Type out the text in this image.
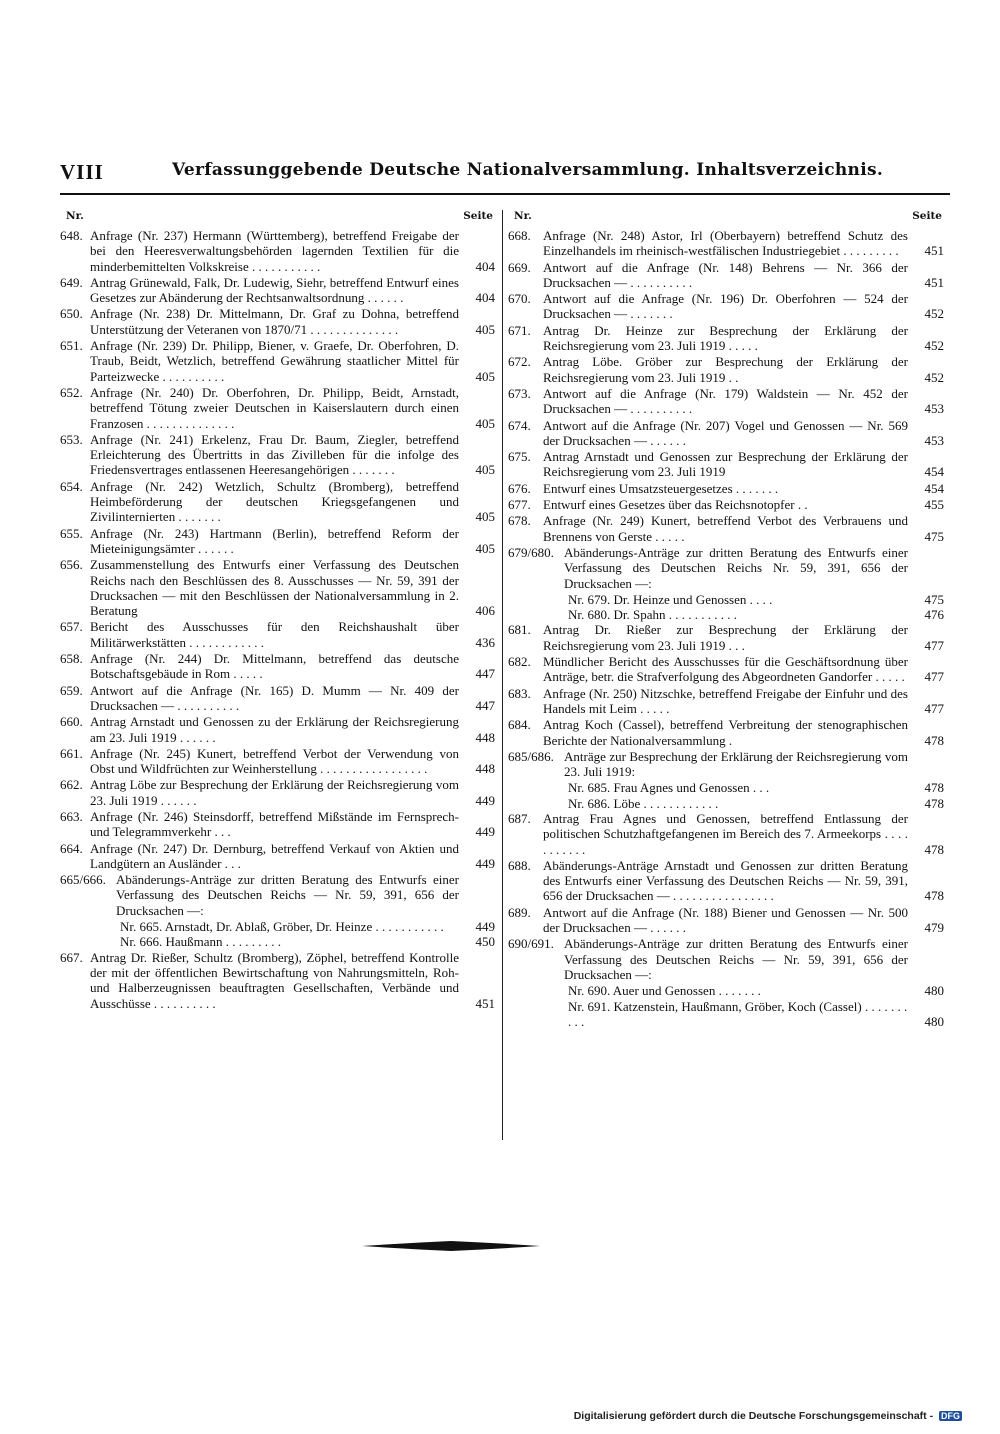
VIII	Verfassunggebende Deutsche Nationalversammlung. Inhaltsverzeichnis.
Nr.	Seite
648. Anfrage (Nr. 237) Hermann (Württemberg), betreffend Freigabe der bei den Heeresverwaltungsbehörden lagernden Textilien für die minderbemittelten Volkskreise . . . . . . . . . . .	404
649. Antrag Grünewald, Falk, Dr. Ludewig, Siehr, betreffend Entwurf eines Gesetzes zur Abänderung der Rechtsanwaltsordnung . . . . . .	404
650. Anfrage (Nr. 238) Dr. Mittelmann, Dr. Graf zu Dohna, betreffend Unterstützung der Veteranen von 1870/71 . . . . . . . . . . . . . .	405
651. Anfrage (Nr. 239) Dr. Philipp, Biener, v. Graefe, Dr. Oberfohren, D. Traub, Beidt, Wetzlich, betreffend Gewährung staatlicher Mittel für Parteizwecke . . . . . . . . . .	405
652. Anfrage (Nr. 240) Dr. Oberfohren, Dr. Philipp, Beidt, Arnstadt, betreffend Tötung zweier Deutschen in Kaiserslautern durch einen Franzosen . . . . . . . . . . . . . .	405
653. Anfrage (Nr. 241) Erkelenz, Frau Dr. Baum, Ziegler, betreffend Erleichterung des Übertritts in das Zivilleben für die infolge des Friedensvertrages entlassenen Heeresangehörigen . . . . . . .	405
654. Anfrage (Nr. 242) Wetzlich, Schultz (Bromberg), betreffend Heimbeförderung der deutschen Kriegsgefangenen und Zivilinternierten . . . . . . .	405
655. Anfrage (Nr. 243) Hartmann (Berlin), betreffend Reform der Mieteinigungsämter . . . . . .	405
656. Zusammenstellung des Entwurfs einer Verfassung des Deutschen Reichs nach den Beschlüssen des 8. Ausschusses — Nr. 59, 391 der Drucksachen — mit den Beschlüssen der Nationalversammlung in 2. Beratung	406
657. Bericht des Ausschusses für den Reichshaushalt über Militärwerkstätten . . . . . . . . . . . .	436
658. Anfrage (Nr. 244) Dr. Mittelmann, betreffend das deutsche Botschaftsgebäude in Rom . . . . .	447
659. Antwort auf die Anfrage (Nr. 165) D. Mumm — Nr. 409 der Drucksachen — . . . . . . . . . .	447
660. Antrag Arnstadt und Genossen zu der Erklärung der Reichsregierung am 23. Juli 1919 . . . . . .	448
661. Anfrage (Nr. 245) Kunert, betreffend Verbot der Verwendung von Obst und Wildfrüchten zur Weinherstellung . . . . . . . . . . . . . . . . .	448
662. Antrag Löbe zur Besprechung der Erklärung der Reichsregierung vom 23. Juli 1919 . . . . . .	449
663. Anfrage (Nr. 246) Steinsdorff, betreffend Mißstände im Fernsprech- und Telegrammverkehr . . .	449
664. Anfrage (Nr. 247) Dr. Dernburg, betreffend Verkauf von Aktien und Landgütern an Ausländer . . .	449
665/666. Abänderungs-Anträge zur dritten Beratung des Entwurfs einer Verfassung des Deutschen Reichs — Nr. 59, 391, 656 der Drucksachen —:
Nr. 665. Arnstadt, Dr. Ablaß, Gröber, Dr. Heinze . . . . . . . . . . .	449
Nr. 666. Haußmann . . . . . . . . .	450
667. Antrag Dr. Rießer, Schultz (Bromberg), Zöphel, betreffend Kontrolle der mit der öffentlichen Bewirtschaftung von Nahrungsmitteln, Roh- und Halberzeugnissen beauftragten Gesellschaften, Verbände und Ausschüsse . . . . . . . . . .	451
Nr.	Seite
668. Anfrage (Nr. 248) Astor, Irl (Oberbayern) betreffend Schutz des Einzelhandels im rheinisch-westfälischen Industriegebiet . . . . . . . . .	451
669. Antwort auf die Anfrage (Nr. 148) Behrens — Nr. 366 der Drucksachen — . . . . . . . . . .	451
670. Antwort auf die Anfrage (Nr. 196) Dr. Oberfohren — 524 der Drucksachen — . . . . . . .	452
671. Antrag Dr. Heinze zur Besprechung der Erklärung der Reichsregierung vom 23. Juli 1919 . . . . .	452
672. Antrag Löbe. Gröber zur Besprechung der Erklärung der Reichsregierung vom 23. Juli 1919 . .	452
673. Antwort auf die Anfrage (Nr. 179) Waldstein — Nr. 452 der Drucksachen — . . . . . . . . . .	453
674. Antwort auf die Anfrage (Nr. 207) Vogel und Genossen — Nr. 569 der Drucksachen — . . . . . .	453
675. Antrag Arnstadt und Genossen zur Besprechung der Erklärung der Reichsregierung vom 23. Juli 1919	454
676. Entwurf eines Umsatzsteuergesetzes . . . . . . .	454
677. Entwurf eines Gesetzes über das Reichsnotopfer . .	455
678. Anfrage (Nr. 249) Kunert, betreffend Verbot des Verbrauens und Brennens von Gerste . . . . .	475
679/680. Abänderungs-Anträge zur dritten Beratung des Entwurfs einer Verfassung des Deutschen Reichs Nr. 59, 391, 656 der Drucksachen —:
Nr. 679. Dr. Heinze und Genossen . . . .	475
Nr. 680. Dr. Spahn . . . . . . . . . . .	476
681. Antrag Dr. Rießer zur Besprechung der Erklärung der Reichsregierung vom 23. Juli 1919 . . .	477
682. Mündlicher Bericht des Ausschusses für die Geschäftsordnung über Anträge, betr. die Strafverfolgung des Abgeordneten Gandorfer . . . . . 477
683. Anfrage (Nr. 250) Nitzschke, betreffend Freigabe der Einfuhr und des Handels mit Leim . . . . .	477
684. Antrag Koch (Cassel), betreffend Verbreitung der stenographischen Berichte der Nationalversammlung .	478
685/686. Anträge zur Besprechung der Erklärung der Reichsregierung vom 23. Juli 1919:
Nr. 685. Frau Agnes und Genossen . . .	478
Nr. 686. Löbe . . . . . . . . . . . .	478
687. Antrag Frau Agnes und Genossen, betreffend Entlassung der politischen Schutzhaftgefangenen im Bereich des 7. Armeekorps . . . . . . . . . . .	478
688. Abänderungs-Anträge Arnstadt und Genossen zur dritten Beratung des Entwurfs einer Verfassung des Deutschen Reichs — Nr. 59, 391, 656 der Drucksachen — . . . . . . . . . . . . . . . .	478
689. Antwort auf die Anfrage (Nr. 188) Biener und Genossen — Nr. 500 der Drucksachen — . . . . . .	479
690/691. Abänderungs-Anträge zur dritten Beratung des Entwurfs einer Verfassung des Deutschen Reichs — Nr. 59, 391, 656 der Drucksachen —:
Nr. 690. Auer und Genossen . . . . . . .	480
Nr. 691. Katzenstein, Haußmann, Gröber, Koch (Cassel) . . . . . . . . . .	480
Digitalisierung gefördert durch die Deutsche Forschungsgemeinschaft - DFG
